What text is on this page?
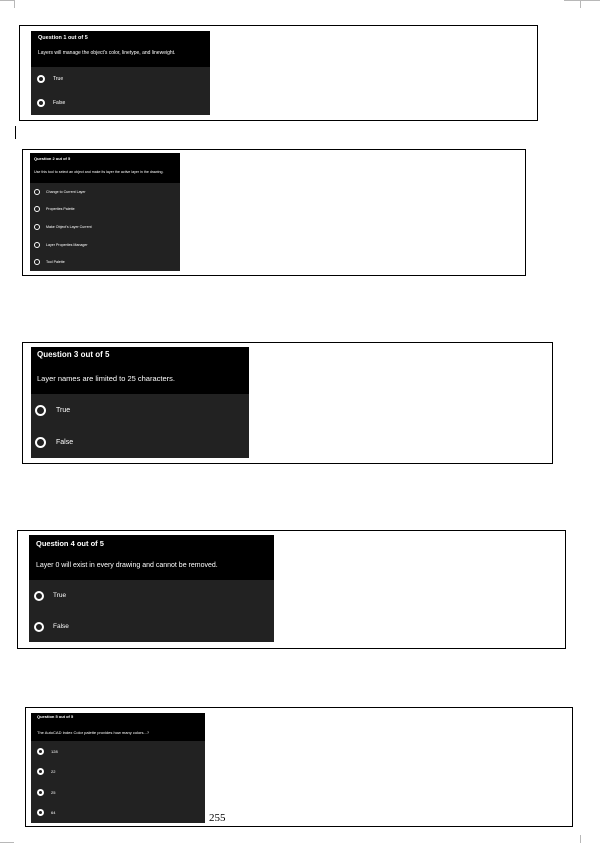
Question 1 out of 5
Layers will manage the object's color, linetype, and lineweight.
True
False
Question 2 out of 5
Use this tool to select an object and make its layer the active layer in the drawing.
Change to Current Layer
Properties Palette
Make Object's Layer Current
Layer Properties Manager
Tool Palette
Question 3 out of 5
Layer names are limited to 25 characters.
True
False
Question 4 out of 5
Layer 0 will exist in every drawing and cannot be removed.
True
False
Question 5 out of 5
The AutoCAD Index Color palette provides how many colors...?
128
22
25
64	255
